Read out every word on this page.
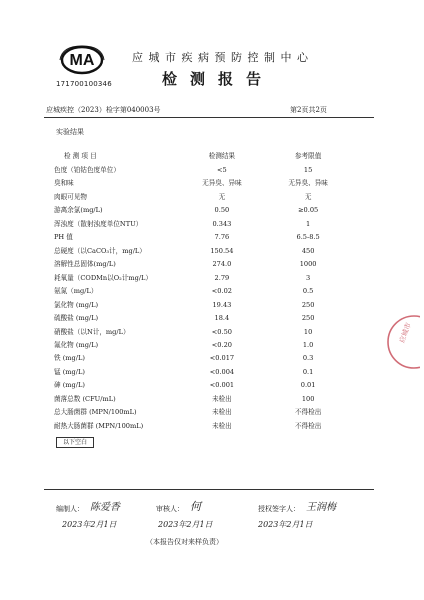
MA
171700100346
应城市疾病预防控制中心
检测报告
应城疾控（2023）检字第040003号	第2页共2页
实验结果
检 测 项 目	检测结果	参考限值
色度（铂钴色度单位）	<5	15
臭和味	无异臭、异味	无异臭、异味
肉眼可见物	无	无
游离余氯(mg/L)	0.50	≥0.05
浑浊度（散射浊度单位NTU）	0.343	1
PH 值	7.76	6.5-8.5
总硬度（以CaCO₃计，mg/L）	150.54	450
溶解性总固体(mg/L)	274.0	1000
耗氧量（CODMn以O₂计mg/L）	2.79	3
氨氮（mg/L）	<0.02	0.5
氯化物 (mg/L)	19.43	250
硫酸盐 (mg/L)	18.4	250
硝酸盐（以N计，mg/L）	<0.50	10
氟化物 (mg/L)	<0.20	1.0
铁 (mg/L)	<0.017	0.3
锰 (mg/L)	<0.004	0.1
砷 (mg/L)	<0.001	0.01
菌落总数 (CFU/mL)	未检出	100
总大肠菌群 (MPN/100mL)	未检出	不得检出
耐热大肠菌群 (MPN/100mL)	未检出	不得检出
以下空白
编制人： 陈爱香	审核人： 何	授权签字人： 王润梅
2023年2月1日	2023年2月1日	2023年2月1日
（本报告仅对来样负责）
应城市
